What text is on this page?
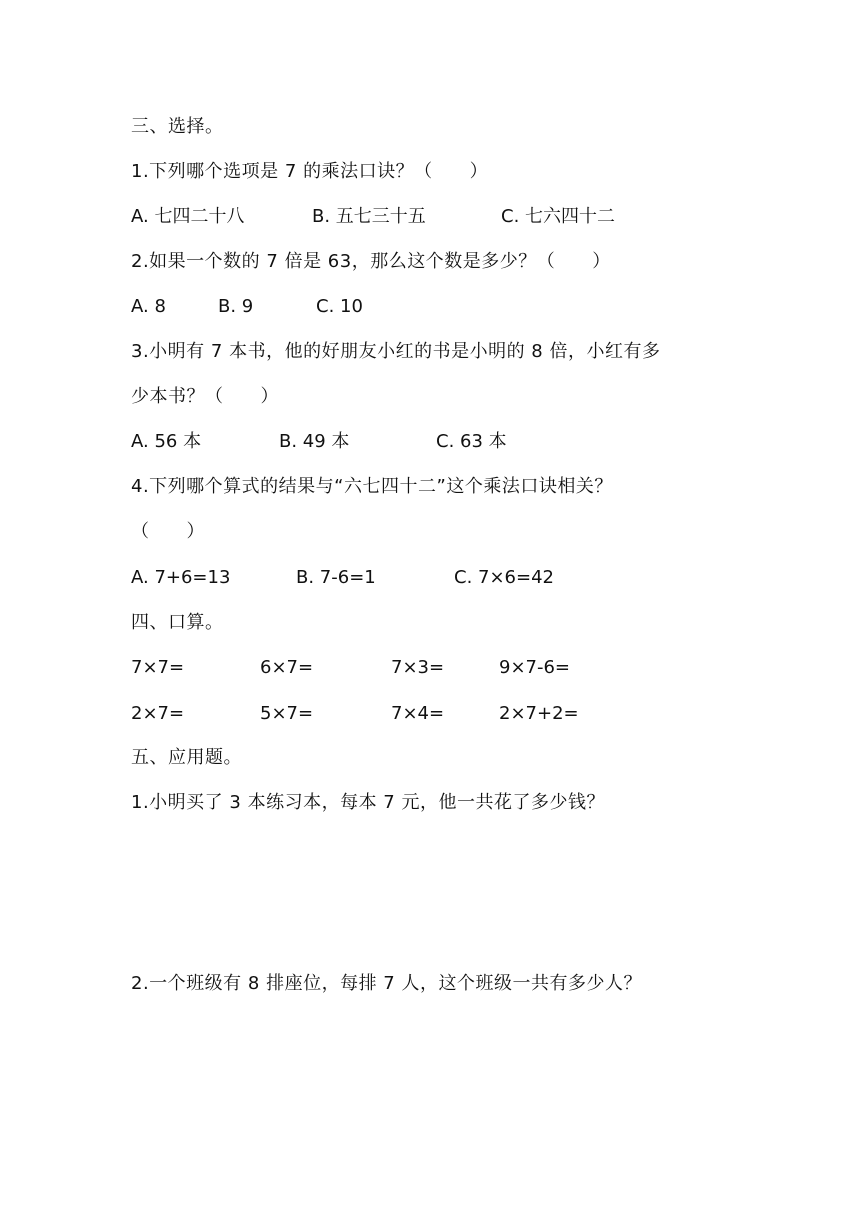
三、选择。
1.下列哪个选项是 7 的乘法口诀？（　　）
A. 七四二十八	B. 五七三十五	C. 七六四十二
2.如果一个数的 7 倍是 63，那么这个数是多少？（　　）
A. 8	B. 9	C. 10
3.小明有 7 本书，他的好朋友小红的书是小明的 8 倍，小红有多
少本书？（　　）
A. 56 本	B. 49 本	C. 63 本
4.下列哪个算式的结果与“六七四十二”这个乘法口诀相关？
（　　）
A. 7+6=13	B. 7-6=1	C. 7×6=42
四、口算。
7×7=	6×7=	7×3=	9×7-6=
2×7=	5×7=	7×4=	2×7+2=
五、应用题。
1.小明买了 3 本练习本，每本 7 元，他一共花了多少钱？
2.一个班级有 8 排座位，每排 7 人，这个班级一共有多少人？
